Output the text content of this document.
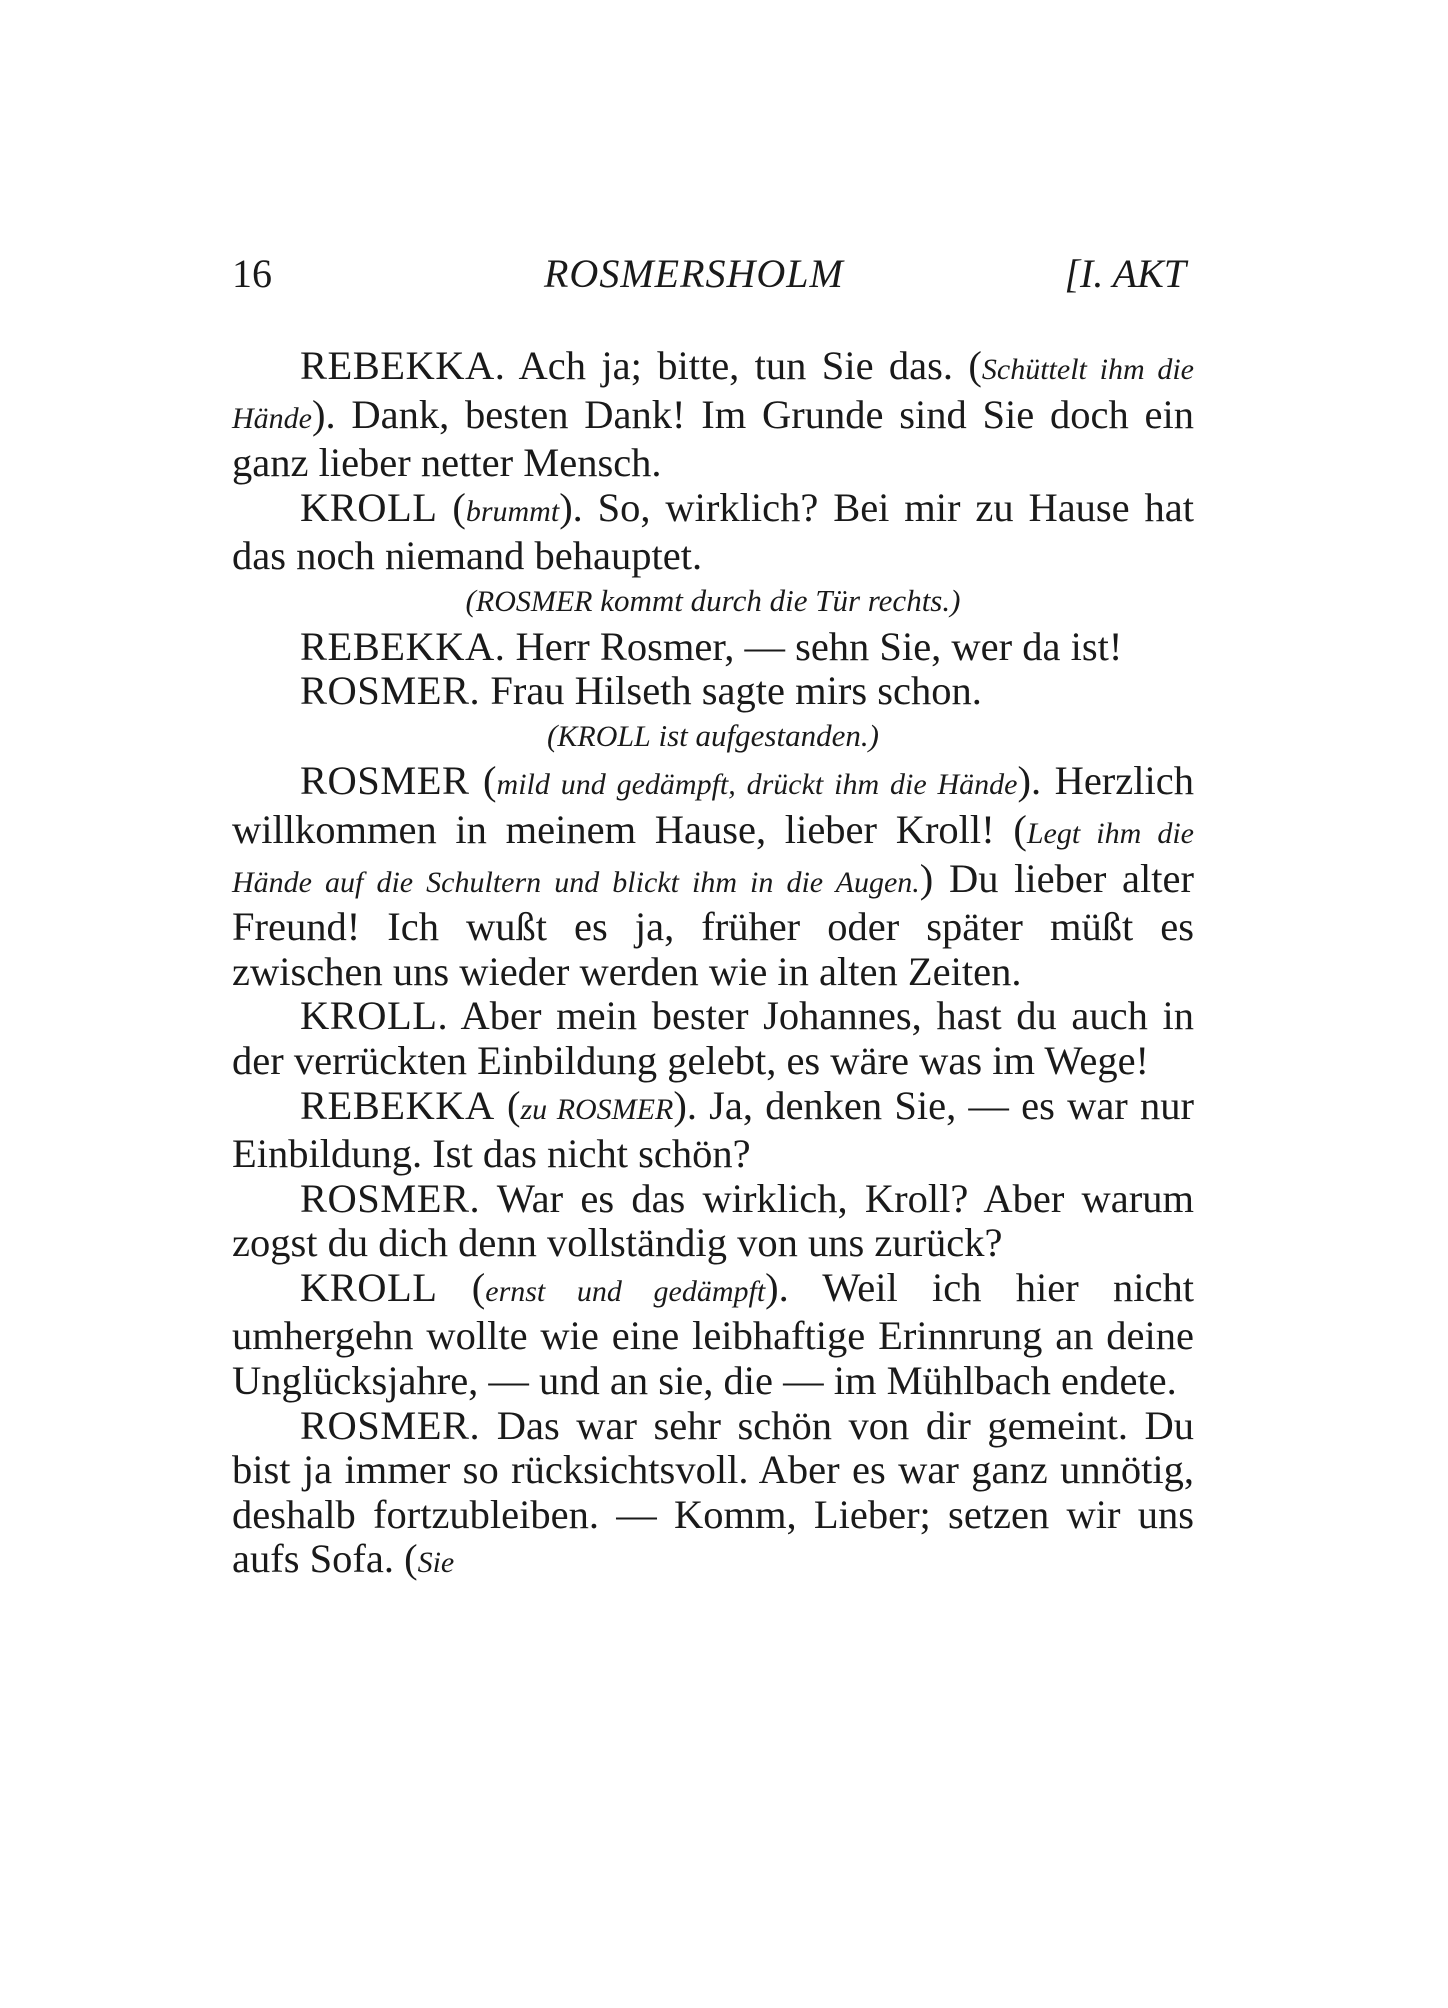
16	ROSMERSHOLM	[I. AKT

REBEKKA. Ach ja; bitte, tun Sie das. (Schüttelt ihm die Hände). Dank, besten Dank! Im Grunde sind Sie doch ein ganz lieber netter Mensch.

KROLL (brummt). So, wirklich? Bei mir zu Hause hat das noch niemand behauptet.

(ROSMER kommt durch die Tür rechts.)

REBEKKA. Herr Rosmer, — sehn Sie, wer da ist!

ROSMER. Frau Hilseth sagte mirs schon.

(KROLL ist aufgestanden.)

ROSMER (mild und gedämpft, drückt ihm die Hände). Herzlich willkommen in meinem Hause, lieber Kroll! (Legt ihm die Hände auf die Schultern und blickt ihm in die Augen.) Du lieber alter Freund! Ich wußt es ja, früher oder später müßt es zwischen uns wieder werden wie in alten Zeiten.

KROLL. Aber mein bester Johannes, hast du auch in der verrückten Einbildung gelebt, es wäre was im Wege!

REBEKKA (zu ROSMER). Ja, denken Sie, — es war nur Einbildung. Ist das nicht schön?

ROSMER. War es das wirklich, Kroll? Aber warum zogst du dich denn vollständig von uns zurück?

KROLL (ernst und gedämpft). Weil ich hier nicht umhergehn wollte wie eine leibhaftige Erinnrung an deine Unglücksjahre, — und an sie, die — im Mühlbach endete.

ROSMER. Das war sehr schön von dir gemeint. Du bist ja immer so rücksichtsvoll. Aber es war ganz unnötig, deshalb fortzubleiben. — Komm, Lieber; setzen wir uns aufs Sofa. (Sie
